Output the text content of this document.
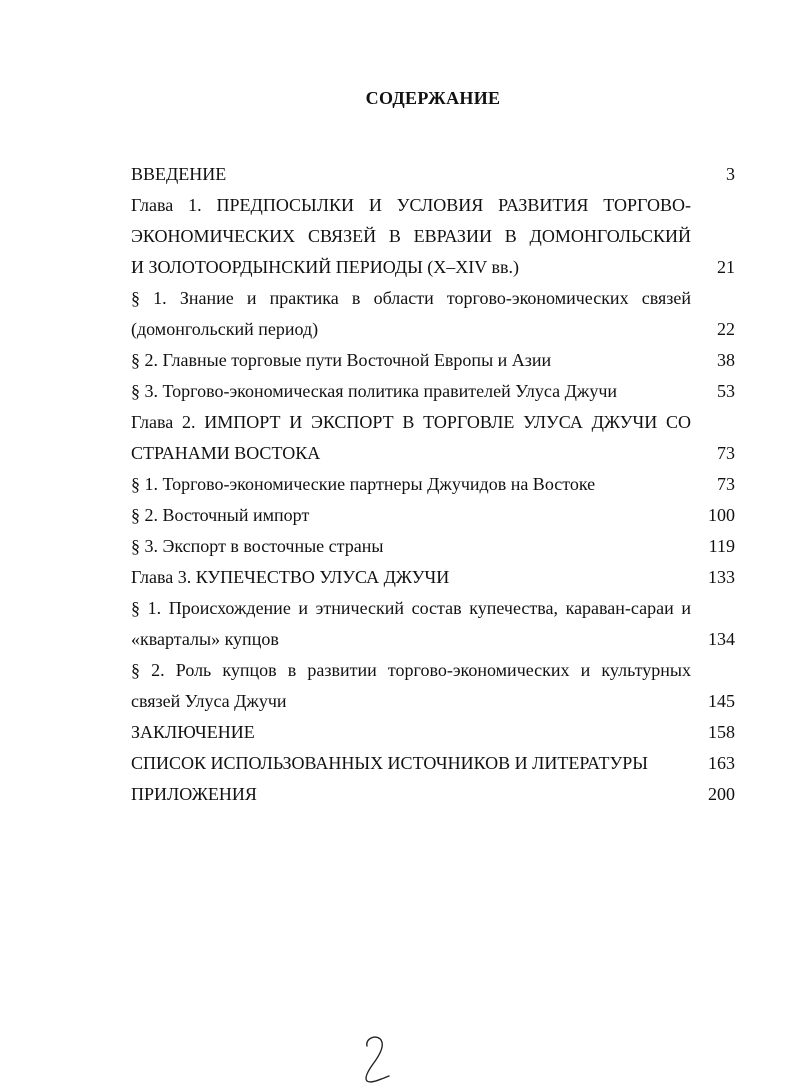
СОДЕРЖАНИЕ
ВВЕДЕНИЕ	3
Глава 1. ПРЕДПОСЫЛКИ И УСЛОВИЯ РАЗВИТИЯ ТОРГОВО-
ЭКОНОМИЧЕСКИХ СВЯЗЕЙ В ЕВРАЗИИ В ДОМОНГОЛЬСКИЙ
И ЗОЛОТООРДЫНСКИЙ ПЕРИОДЫ (X–XIV вв.)	21
§ 1. Знание и практика в области торгово-экономических связей
(домонгольский период)	22
§ 2. Главные торговые пути Восточной Европы и Азии	38
§ 3. Торгово-экономическая политика правителей Улуса Джучи	53
Глава 2. ИМПОРТ И ЭКСПОРТ В ТОРГОВЛЕ УЛУСА ДЖУЧИ СО
СТРАНАМИ ВОСТОКА	73
§ 1. Торгово-экономические партнеры Джучидов на Востоке	73
§ 2. Восточный импорт	100
§ 3. Экспорт в восточные страны	119
Глава 3. КУПЕЧЕСТВО УЛУСА ДЖУЧИ	133
§ 1. Происхождение и этнический состав купечества, караван-сараи и
«кварталы» купцов	134
§ 2. Роль купцов в развитии торгово-экономических и культурных
связей Улуса Джучи	145
ЗАКЛЮЧЕНИЕ	158
СПИСОК ИСПОЛЬЗОВАННЫХ ИСТОЧНИКОВ И ЛИТЕРАТУРЫ	163
ПРИЛОЖЕНИЯ	200
